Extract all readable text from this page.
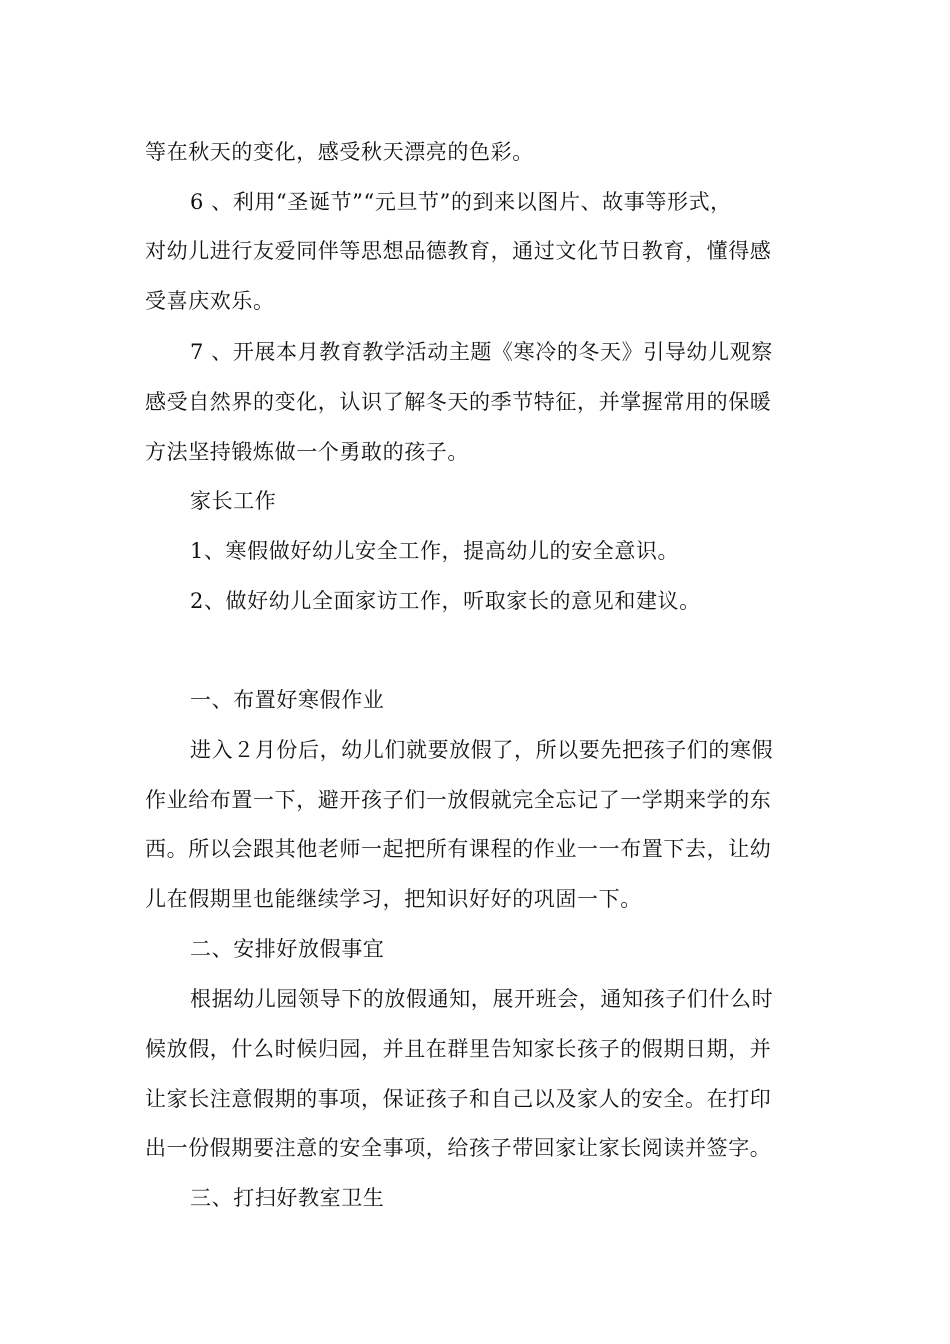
等在秋天的变化，感受秋天漂亮的色彩。
6 、利用“圣诞节”“元旦节”的到来以图片、故事等形式，
对幼儿进行友爱同伴等思想品德教育，通过文化节日教育，懂得感
受喜庆欢乐。
7 、开展本月教育教学活动主题《寒冷的冬天》引导幼儿观察
感受自然界的变化，认识了解冬天的季节特征，并掌握常用的保暖
方法坚持锻炼做一个勇敢的孩子。
家长工作
1、寒假做好幼儿安全工作，提高幼儿的安全意识。
2、做好幼儿全面家访工作，听取家长的意见和建议。
一、布置好寒假作业
进入２月份后，幼儿们就要放假了，所以要先把孩子们的寒假
作业给布置一下，避开孩子们一放假就完全忘记了一学期来学的东
西。所以会跟其他老师一起把所有课程的作业一一布置下去，让幼
儿在假期里也能继续学习，把知识好好的巩固一下。
二、安排好放假事宜
根据幼儿园领导下的放假通知，展开班会，通知孩子们什么时
候放假，什么时候归园，并且在群里告知家长孩子的假期日期，并
让家长注意假期的事项，保证孩子和自己以及家人的安全。在打印
出一份假期要注意的安全事项，给孩子带回家让家长阅读并签字。
三、打扫好教室卫生
